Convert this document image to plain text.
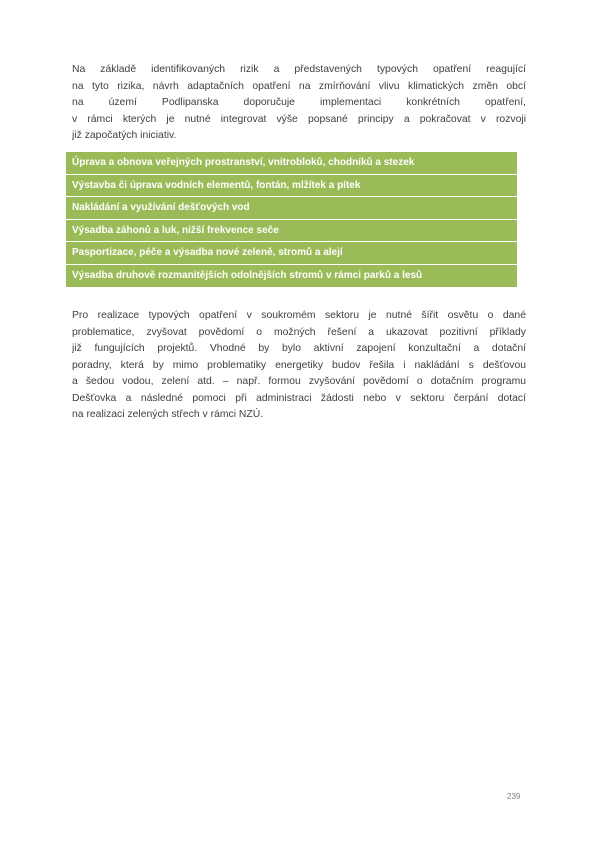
Na základě identifikovaných rizik a představených typových opatření reagující
na tyto rizika, návrh adaptačních opatření na zmírňování vlivu klimatických změn obcí
na území Podlipanska doporučuje implementaci konkrétních opatření,
v rámci kterých je nutné integrovat výše popsané principy a pokračovat v rozvoji
již započatých iniciativ.
Úprava a obnova veřejných prostranství, vnitrobloků, chodníků a stezek
Výstavba či úprava vodních elementů, fontán, mlžítek a pítek
Nakládání a využívání dešťových vod
Výsadba záhonů a luk, nižší frekvence seče
Pasportizace, péče a výsadba nové zeleně, stromů a alejí
Výsadba druhově rozmanitějších odolnějších stromů v rámci parků a lesů
Pro realizace typových opatření v soukromém sektoru je nutné šířit osvětu o dané
problematice, zvyšovat povědomí o možných řešení a ukazovat pozitivní příklady
již fungujících projektů. Vhodné by bylo aktivní zapojení konzultační a dotační
poradny, která by mimo problematiky energetiky budov řešila i nakládání s dešťovou
a šedou vodou, zelení atd. – např. formou zvyšování povědomí o dotačním programu
Dešťovka a následné pomoci při administraci žádosti nebo v sektoru čerpání dotací
na realizaci zelených střech v rámci NZÚ.
239
